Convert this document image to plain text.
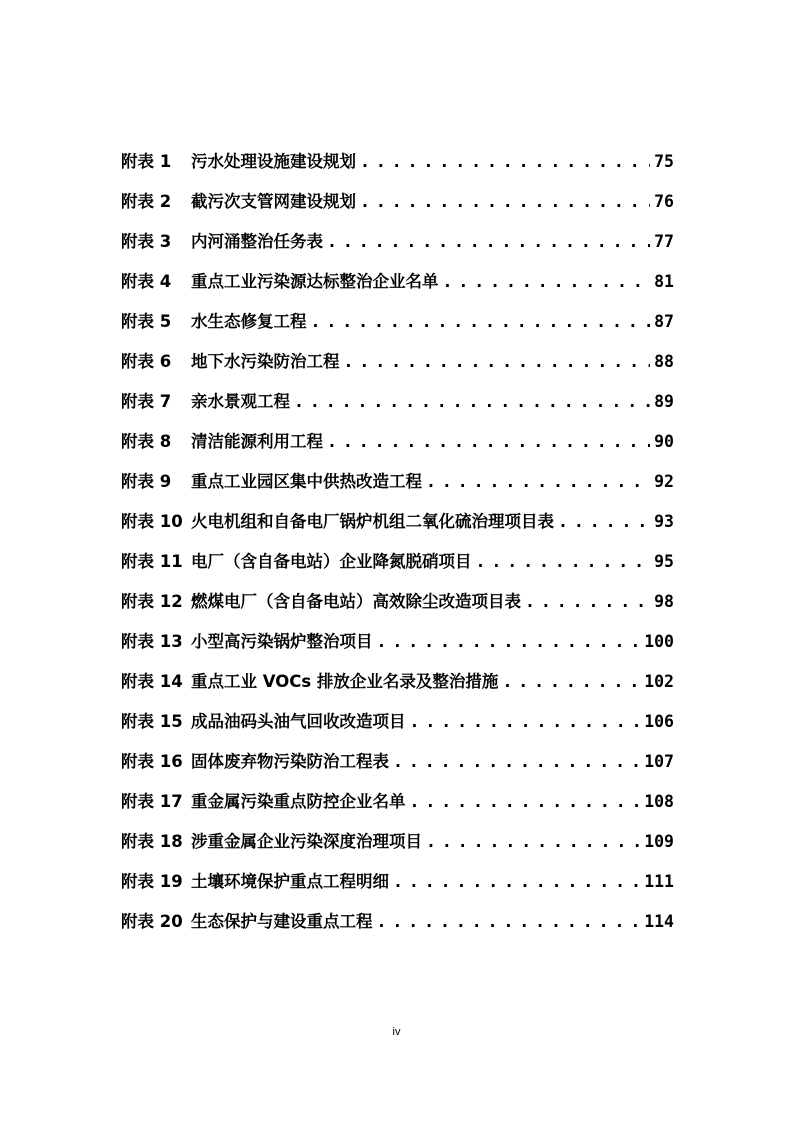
附表 1	污水处理设施建设规划 . . .	75
附表 2	截污次支管网建设规划 . . .	76
附表 3	内河涌整治任务表 . . .	77
附表 4	重点工业污染源达标整治企业名单 . . .	81
附表 5	水生态修复工程 . . .	87
附表 6	地下水污染防治工程 . . .	88
附表 7	亲水景观工程 . . .	89
附表 8	清洁能源利用工程 . . .	90
附表 9	重点工业园区集中供热改造工程 . . .	92
附表 10 火电机组和自备电厂锅炉机组二氧化硫治理项目表 . . .	93
附表 11 电厂（含自备电站）企业降氮脱硝项目 . . .	95
附表 12 燃煤电厂（含自备电站）高效除尘改造项目表 . . .	98
附表 13 小型高污染锅炉整治项目 . . .	100
附表 14 重点工业 VOCs 排放企业名录及整治措施 . . .	102
附表 15 成品油码头油气回收改造项目 . . .	106
附表 16 固体废弃物污染防治工程表 . . .	107
附表 17 重金属污染重点防控企业名单 . . .	108
附表 18 涉重金属企业污染深度治理项目 . . .	109
附表 19 土壤环境保护重点工程明细 . . .	111
附表 20 生态保护与建设重点工程 . . .	114
iv
